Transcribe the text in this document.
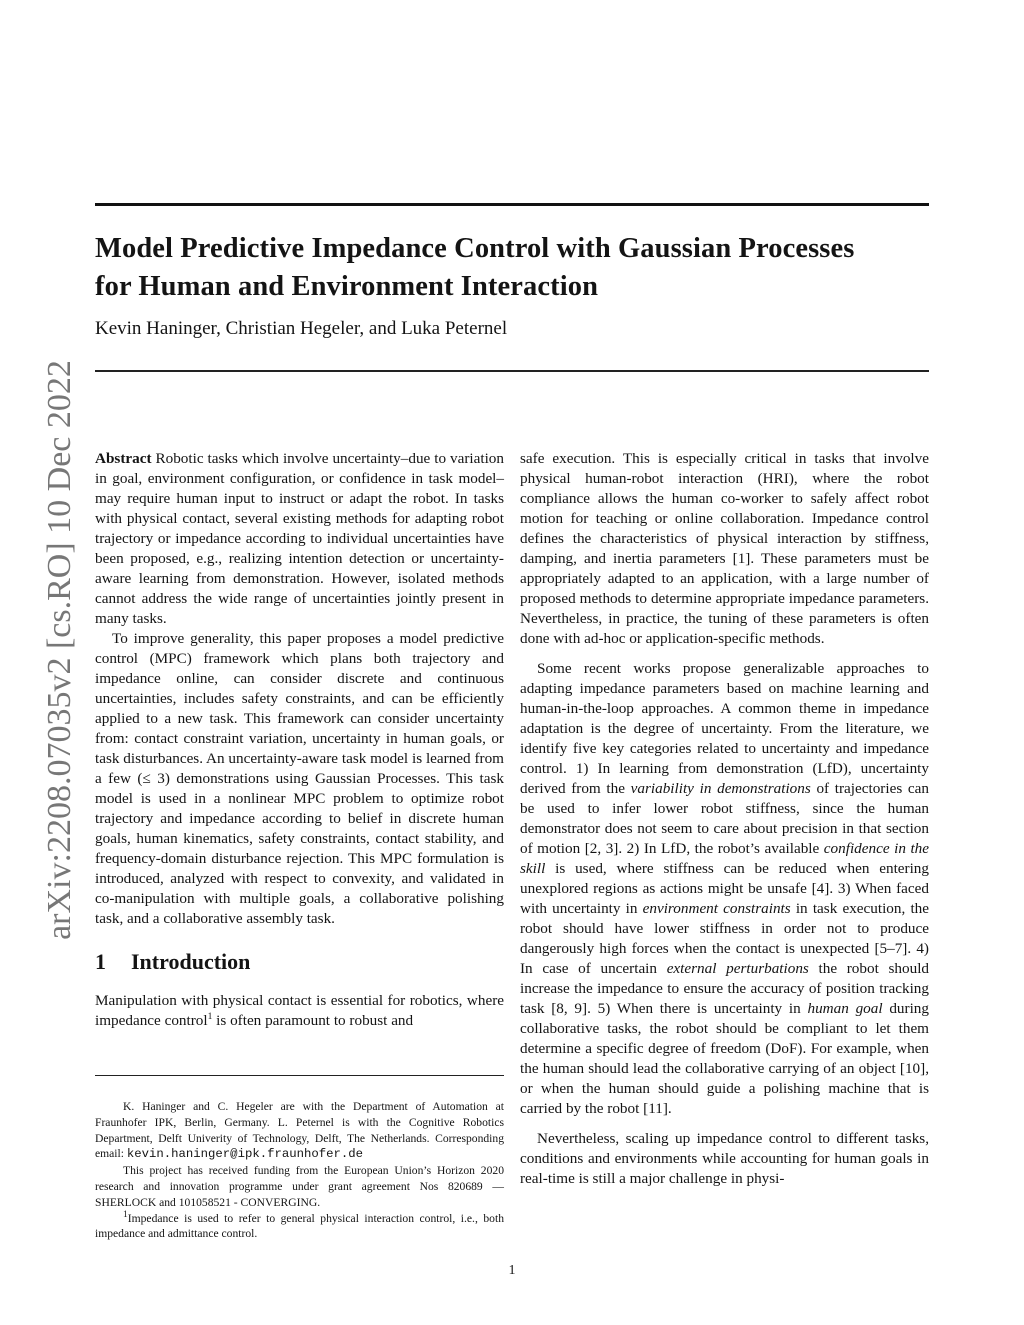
arXiv:2208.07035v2 [cs.RO] 10 Dec 2022
Model Predictive Impedance Control with Gaussian Processes
for Human and Environment Interaction

Kevin Haninger, Christian Hegeler, and Luka Peternel

Abstract Robotic tasks which involve uncertainty–due to variation in goal, environment configuration, or confidence in task model–may require human input to instruct or adapt the robot. In tasks with physical contact, several existing methods for adapting robot trajectory or impedance according to individual uncertainties have been proposed, e.g., realizing intention detection or uncertainty-aware learning from demonstration. However, isolated methods cannot address the wide range of uncertainties jointly present in many tasks.

To improve generality, this paper proposes a model predictive control (MPC) framework which plans both trajectory and impedance online, can consider discrete and continuous uncertainties, includes safety constraints, and can be efficiently applied to a new task. This framework can consider uncertainty from: contact constraint variation, uncertainty in human goals, or task disturbances. An uncertainty-aware task model is learned from a few (≤ 3) demonstrations using Gaussian Processes. This task model is used in a nonlinear MPC problem to optimize robot trajectory and impedance according to belief in discrete human goals, human kinematics, safety constraints, contact stability, and frequency-domain disturbance rejection. This MPC formulation is introduced, analyzed with respect to convexity, and validated in co-manipulation with multiple goals, a collaborative polishing task, and a collaborative assembly task.

1 Introduction

Manipulation with physical contact is essential for robotics, where impedance control$^1$ is often paramount to robust and

K. Haninger and C. Hegeler are with the Department of Automation at Fraunhofer IPK, Berlin, Germany. L. Peternel is with the Cognitive Robotics Department, Delft Univerity of Technology, Delft, The Netherlands. Corresponding email: kevin.haninger@ipk.fraunhofer.de

This project has received funding from the European Union’s Horizon 2020 research and innovation programme under grant agreement Nos 820689 — SHERLOCK and 101058521 - CONVERGING.

$^1$Impedance is used to refer to general physical interaction control, i.e., both impedance and admittance control.

safe execution. This is especially critical in tasks that involve physical human-robot interaction (HRI), where the robot compliance allows the human co-worker to safely affect robot motion for teaching or online collaboration. Impedance control defines the characteristics of physical interaction by stiffness, damping, and inertia parameters [1]. These parameters must be appropriately adapted to an application, with a large number of proposed methods to determine appropriate impedance parameters. Nevertheless, in practice, the tuning of these parameters is often done with ad-hoc or application-specific methods.

Some recent works propose generalizable approaches to adapting impedance parameters based on machine learning and human-in-the-loop approaches. A common theme in impedance adaptation is the degree of uncertainty. From the literature, we identify five key categories related to uncertainty and impedance control. 1) In learning from demonstration (LfD), uncertainty derived from the variability in demonstrations of trajectories can be used to infer lower robot stiffness, since the human demonstrator does not seem to care about precision in that section of motion [2, 3]. 2) In LfD, the robot’s available confidence in the skill is used, where stiffness can be reduced when entering unexplored regions as actions might be unsafe [4]. 3) When faced with uncertainty in environment constraints in task execution, the robot should have lower stiffness in order not to produce dangerously high forces when the contact is unexpected [5–7]. 4) In case of uncertain external perturbations the robot should increase the impedance to ensure the accuracy of position tracking task [8, 9]. 5) When there is uncertainty in human goal during collaborative tasks, the robot should be compliant to let them determine a specific degree of freedom (DoF). For example, when the human should lead the collaborative carrying of an object [10], or when the human should guide a polishing machine that is carried by the robot [11].

Nevertheless, scaling up impedance control to different tasks, conditions and environments while accounting for human goals in real-time is still a major challenge in physi-

1
